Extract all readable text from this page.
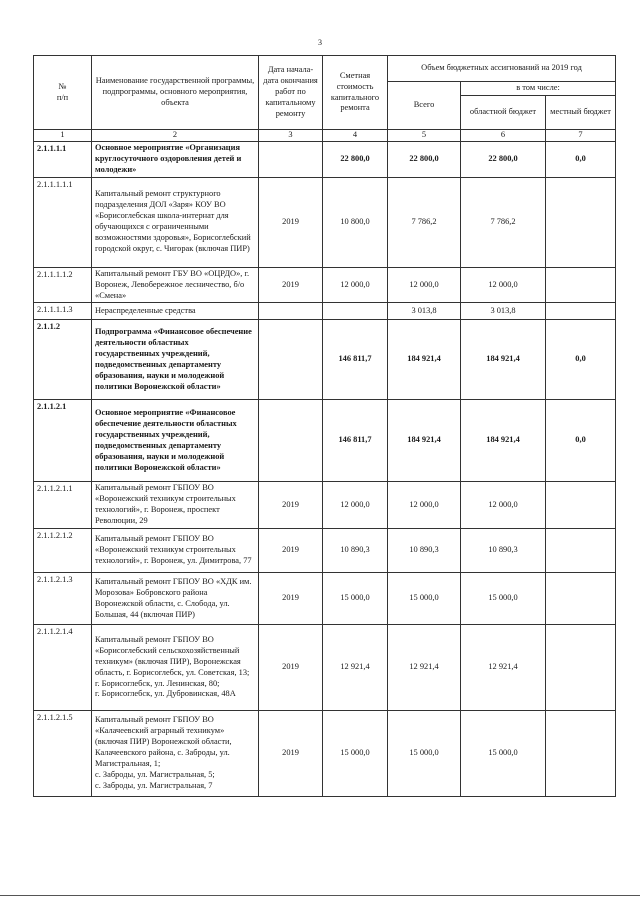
3
№
п/п	Наименование государственной программы, подпрограммы, основного мероприятия, объекта	Дата начала-дата окончания работ по капитальному ремонту	Сметная стоимость капитального ремонта	Объем бюджетных ассигнований на 2019 год		
				Всего	в том числе:	
					областной бюджет	местный бюджет
1	2	3	4	5	6	7
2.1.1.1.1	Основное мероприятие «Организация круглосуточного оздоровления детей и молодежи»		22 800,0	22 800,0	22 800,0	0,0
2.1.1.1.1.1	Капитальный ремонт структурного подразделения ДОЛ «Заря» КОУ ВО «Борисоглебская школа-интернат для обучающихся с ограниченными возможностями здоровья», Борисоглебский городской округ, с. Чигорак (включая ПИР)	2019	10 800,0	7 786,2	7 786,2	
2.1.1.1.1.2	Капитальный ремонт ГБУ ВО «ОЦРДО», г. Воронеж, Левобережное лесничество, б/о «Смена»	2019	12 000,0	12 000,0	12 000,0	
2.1.1.1.1.3	Нераспределенные средства			3 013,8	3 013,8	
2.1.1.2	Подпрограмма «Финансовое обеспечение деятельности областных государственных учреждений, подведомственных департаменту образования, науки и молодежной политики Воронежской области»		146 811,7	184 921,4	184 921,4	0,0
2.1.1.2.1	Основное мероприятие «Финансовое обеспечение деятельности областных государственных учреждений, подведомственных департаменту образования, науки и молодежной политики Воронежской области»		146 811,7	184 921,4	184 921,4	0,0
2.1.1.2.1.1	Капитальный ремонт ГБПОУ ВО «Воронежский техникум строительных технологий», г. Воронеж, проспект Революции, 29	2019	12 000,0	12 000,0	12 000,0	
2.1.1.2.1.2	Капитальный ремонт ГБПОУ ВО «Воронежский техникум строительных технологий», г. Воронеж, ул. Димитрова, 77	2019	10 890,3	10 890,3	10 890,3	
2.1.1.2.1.3	Капитальный ремонт ГБПОУ ВО «ХДК им. Морозова» Бобровского района Воронежской области, с. Слобода, ул. Большая, 44 (включая ПИР)	2019	15 000,0	15 000,0	15 000,0	
2.1.1.2.1.4	Капитальный ремонт ГБПОУ ВО «Борисоглебский сельскохозяйственный техникум» (включая ПИР), Воронежская область, г. Борисоглебск, ул. Советская, 13;
г. Борисоглебск, ул. Ленинская, 80;
г. Борисоглебск, ул. Дубровинская, 48А	2019	12 921,4	12 921,4	12 921,4	
2.1.1.2.1.5	Капитальный ремонт ГБПОУ ВО «Калачеевский аграрный техникум» (включая ПИР) Воронежской области, Калачеевского района, с. Заброды, ул. Магистральная, 1;
с. Заброды, ул. Магистральная, 5;
с. Заброды, ул. Магистральная, 7	2019	15 000,0	15 000,0	15 000,0	
